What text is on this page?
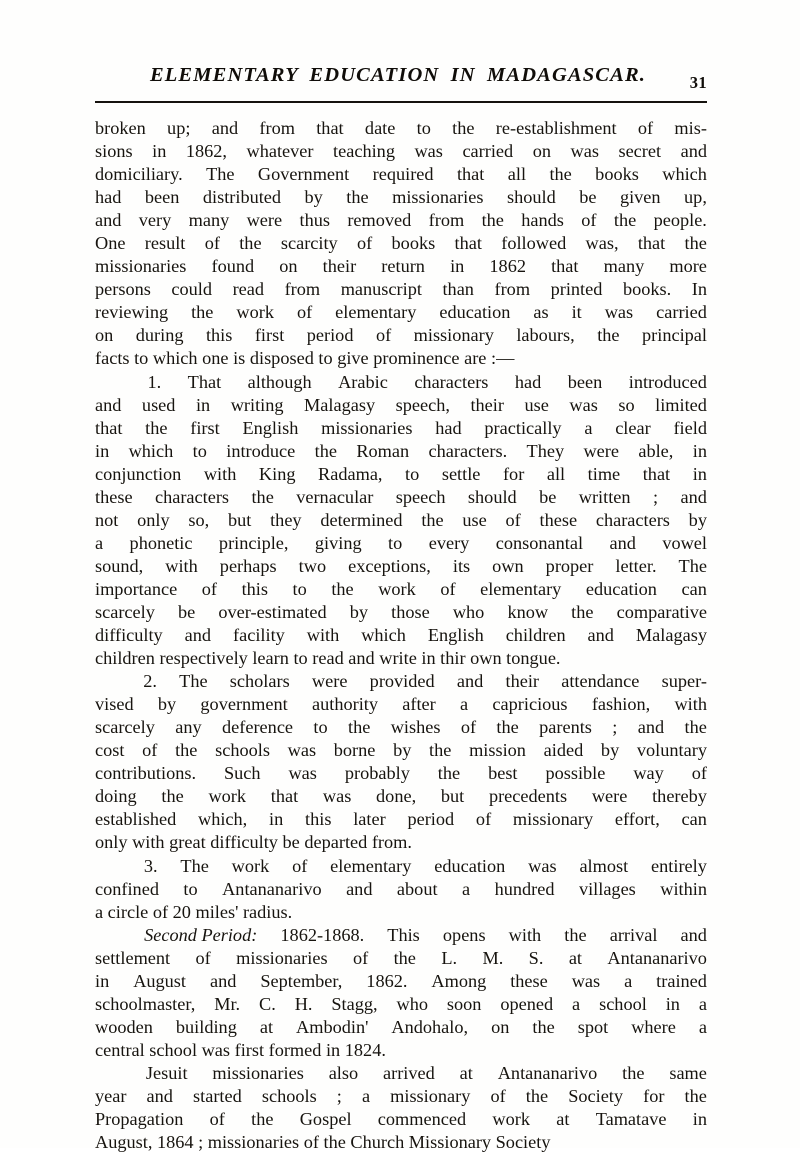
ELEMENTARY EDUCATION IN MADAGASCAR.	31

broken up; and from that date to the re-establishment of mis-
sions in 1862, whatever teaching was carried on was secret and
domiciliary. The Government required that all the books which
had been distributed by the missionaries should be given up,
and very many were thus removed from the hands of the people.
One result of the scarcity of books that followed was, that the
missionaries found on their return in 1862 that many more
persons could read from manuscript than from printed books. In
reviewing the work of elementary education as it was carried
on during this first period of missionary labours, the principal
facts to which one is disposed to give prominence are :—

1. That although Arabic characters had been introduced
and used in writing Malagasy speech, their use was so limited
that the first English missionaries had practically a clear field
in which to introduce the Roman characters. They were able, in
conjunction with King Radama, to settle for all time that in
these characters the vernacular speech should be written ; and
not only so, but they determined the use of these characters by
a phonetic principle, giving to every consonantal and vowel
sound, with perhaps two exceptions, its own proper letter. The
importance of this to the work of elementary education can
scarcely be over-estimated by those who know the comparative
difficulty and facility with which English children and Malagasy
children respectively learn to read and write in thir own tongue.

2. The scholars were provided and their attendance super-
vised by government authority after a capricious fashion, with
scarcely any deference to the wishes of the parents ; and the
cost of the schools was borne by the mission aided by voluntary
contributions. Such was probably the best possible way of
doing the work that was done, but precedents were thereby
established which, in this later period of missionary effort, can
only with great difficulty be departed from.

3. The work of elementary education was almost entirely
confined to Antananarivo and about a hundred villages within
a circle of 20 miles' radius.

Second Period: 1862-1868. This opens with the arrival and
settlement of missionaries of the L. M. S. at Antananarivo
in August and September, 1862. Among these was a trained
schoolmaster, Mr. C. H. Stagg, who soon opened a school in a
wooden building at Ambodin' Andohalo, on the spot where a
central school was first formed in 1824.

Jesuit missionaries also arrived at Antananarivo the same
year and started schools ; a missionary of the Society for the
Propagation of the Gospel commenced work at Tamatave in
August, 1864 ; missionaries of the Church Missionary Society
